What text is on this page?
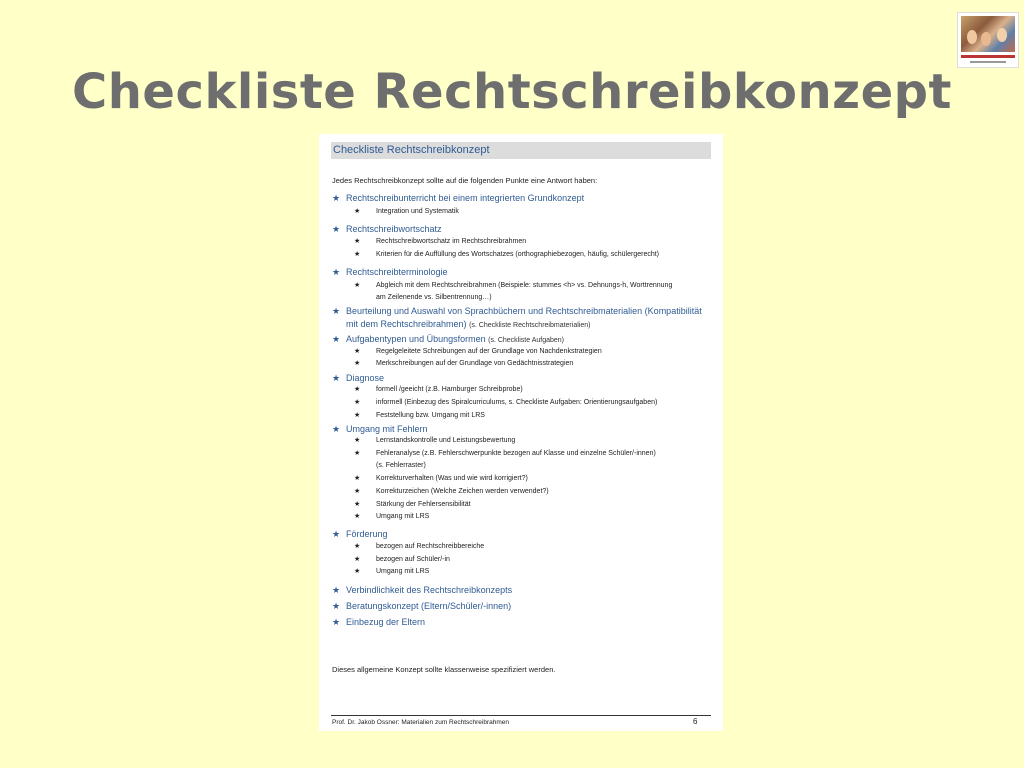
Checkliste Rechtschreibkonzept
Checkliste Rechtschreibkonzept
Jedes Rechtschreibkonzept sollte auf die folgenden Punkte eine Antwort haben:
★ Rechtschreibunterricht bei einem integrierten Grundkonzept
★ Integration und Systematik
★ Rechtschreibwortschatz
★ Rechtschreibwortschatz im Rechtschreibrahmen
★ Kriterien für die Auffüllung des Wortschatzes (orthographiebezogen, häufig, schülergerecht)
★ Rechtschreibterminologie
★ Abgleich mit dem Rechtschreibrahmen (Beispiele: stummes <h> vs. Dehnungs-h, Worttrennung
am Zeilenende vs. Silbentrennung…)
★ Beurteilung und Auswahl von Sprachbüchern und Rechtschreibmaterialien (Kompatibilität
mit dem Rechtschreibrahmen) (s. Checkliste Rechtschreibmaterialien)
★ Aufgabentypen und Übungsformen (s. Checkliste Aufgaben)
★ Regelgeleitete Schreibungen auf der Grundlage von Nachdenkstrategien
★ Merkschreibungen auf der Grundlage von Gedächtnisstrategien
★ Diagnose
★ formell /geeicht (z.B. Hamburger Schreibprobe)
★ informell (Einbezug des Spiralcurriculums, s. Checkliste Aufgaben: Orientierungsaufgaben)
★ Feststellung bzw. Umgang mit LRS
★ Umgang mit Fehlern
★ Lernstandskontrolle und Leistungsbewertung
★ Fehleranalyse (z.B. Fehlerschwerpunkte bezogen auf Klasse und einzelne Schüler/-innen)
(s. Fehlerraster)
★ Korrekturverhalten (Was und wie wird korrigiert?)
★ Korrekturzeichen (Welche Zeichen werden verwendet?)
★ Stärkung der Fehlersensibilität
★ Umgang mit LRS
★ Förderung
★ bezogen auf Rechtschreibbereiche
★ bezogen auf Schüler/-in
★ Umgang mit LRS
★ Verbindlichkeit des Rechtschreibkonzepts
★ Beratungskonzept (Eltern/Schüler/-innen)
★ Einbezug der Eltern
Dieses allgemeine Konzept sollte klassenweise spezifiziert werden.
Prof. Dr. Jakob Ossner: Materialien zum Rechtschreibrahmen	6
